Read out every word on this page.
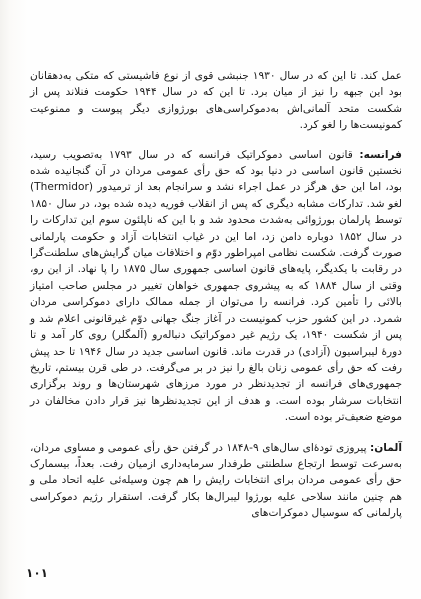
عمل کند. تا این که در سال ۱۹۳۰ جنبشی قوی از نوع فاشیستی که متکی به‌دهقانان بود این جبهه را نیز از میان برد. تا این که در سال ۱۹۴۴ حکومت فنلاند پس از شکست متحد آلمانی‌اش به‌دموکراسی‌های بورژوازی دیگر پیوست و ممنوعیت کمونیست‌ها را لغو کرد.

فرانسه: قانون اساسی دموکراتیک فرانسه که در سال ۱۷۹۳ به‌تصویب رسید، نخستین قانون اساسی در دنیا بود که حق رأی عمومی مردان در آن گنجانیده شده بود، اما این حق هرگز در عمل اجراء نشد و سرانجام بعد از ترمیدور (Thermidor) لغو شد. تدارکات مشابه دیگری که پس از انقلاب فوریه دیده شده بود، در سال ۱۸۵۰ توسط پارلمان بورژوائی به‌شدت محدود شد و با این که ناپلئون سوم این تدارکات را در سال ۱۸۵۲ دوباره دامن زد، اما این در غیاب انتخابات آزاد و حکومت پارلمانی صورت گرفت. شکست نظامی امپراطور دوّم و اختلافات میان گرایش‌های سلطنت‌گرا در رقابت با یکدیگر، پایه‌های قانون اساسی جمهوری سال ۱۸۷۵ را پا نهاد. از این رو، وقتی از سال ۱۸۸۴ که به پیشروی جمهوری خواهان تغییر در مجلس صاحب امتیاز بالائی را تأمین کرد. فرانسه را می‌توان از جمله ممالک دارای دموکراسی مردان شمرد. در این کشور حزب کمونیست در آغاز جنگ جهانی دوّم غیرقانونی اعلام شد و پس از شکست ۱۹۴۰، یک رژیم غیر دموکراتیک دنباله‌رو (آلمگلر) روی کار آمد و تا دورهٔ لیبراسیون (آزادی) در قدرت ماند. قانون اساسی جدید در سال ۱۹۴۶ تا حد پیش رفت که حق رأی عمومی زنان بالغ را نیز در بر می‌گرفت. در طی قرن بیستم، تاریخ جمهوری‌های فرانسه از تجدیدنظر در مورد مرزهای شهرستان‌ها و روند برگزاری انتخابات سرشار بوده است. و هدف از این تجدیدنظرها نیز قرار دادن مخالفان در موضع ضعیف‌تر بوده است.

آلمان: پیروزی تودهٔ‌ای سال‌های ۹-۱۸۴۸ در گرفتن حق رأی عمومی و مساوی مردان، به‌سرعت توسط ارتجاع سلطنتی طرفدار سرمایه‌داری ازمیان رفت. بعداً، بیسمارک حق رأی عمومی مردان برای انتخابات رایش را هم چون وسیله‌ئی علیه اتحاد ملی و هم چنین مانند سلاحی علیه بورژوا لیبرال‌ها بکار گرفت. استقرار رژیم دموکراسی پارلمانی که سوسیال دموکرات‌های

۱۰۱
